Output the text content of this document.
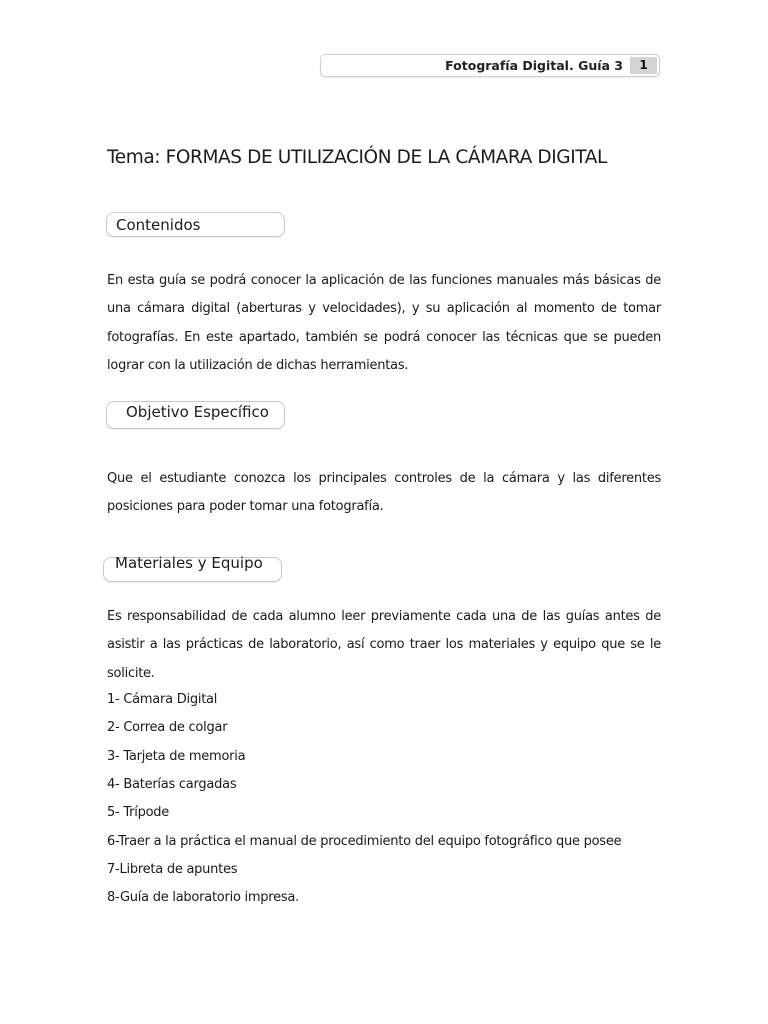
Fotografía Digital. Guía 3	1
Tema: FORMAS DE UTILIZACIÓN DE LA CÁMARA DIGITAL
Contenidos
En esta guía se podrá conocer la aplicación de las funciones manuales más básicas de una cámara digital (aberturas y velocidades), y su aplicación al momento de tomar fotografías. En este apartado, también se podrá conocer las técnicas que se pueden lograr con la utilización de dichas herramientas.
Objetivo Específico
Que el estudiante conozca los principales controles de la cámara y las diferentes posiciones para poder tomar una fotografía.
Materiales y Equipo
Es responsabilidad de cada alumno leer previamente cada una de las guías antes de asistir a las prácticas de laboratorio, así como traer los materiales y equipo que se le solicite.
1- Cámara Digital
2- Correa de colgar
3- Tarjeta de memoria
4- Baterías cargadas
5- Trípode
6-Traer a la práctica el manual de procedimiento del equipo fotográfico que posee
7-Libreta de apuntes
8-Guía de laboratorio impresa.
